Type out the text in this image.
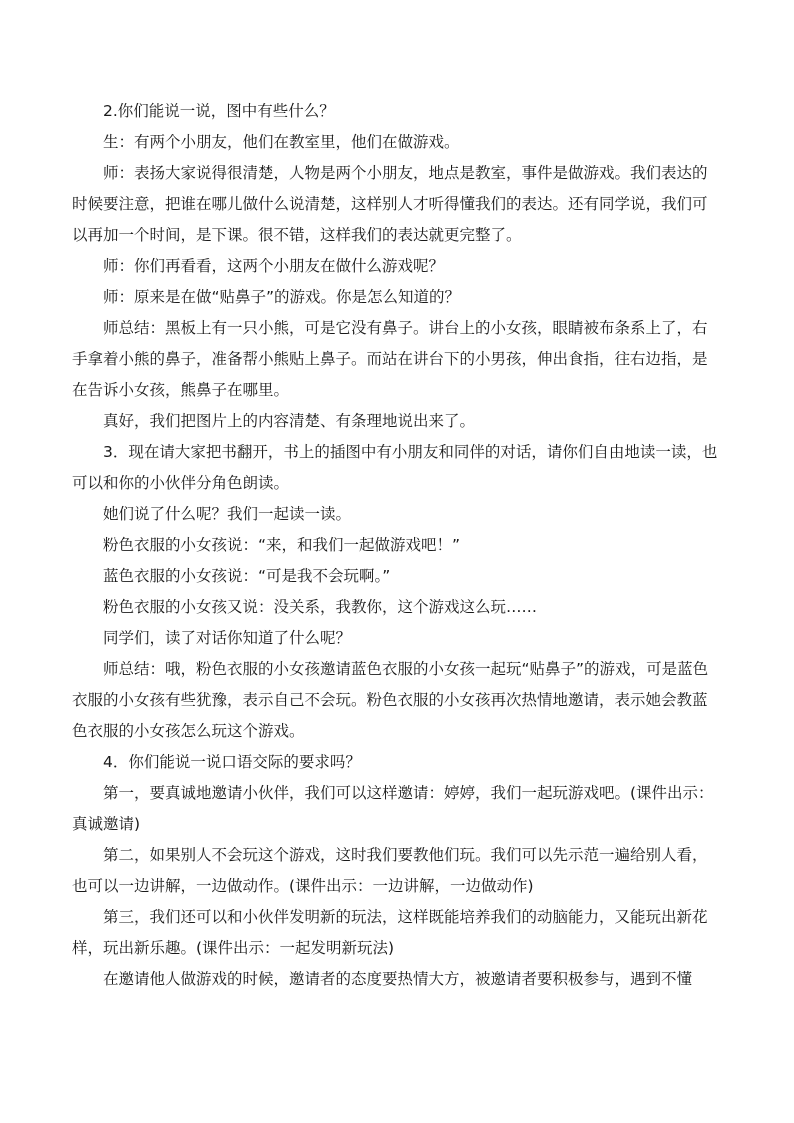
2.你们能说一说，图中有些什么？

生：有两个小朋友，他们在教室里，他们在做游戏。

师：表扬大家说得很清楚，人物是两个小朋友，地点是教室，事件是做游戏。我们表达的时候要注意，把谁在哪儿做什么说清楚，这样别人才听得懂我们的表达。还有同学说，我们可以再加一个时间，是下课。很不错，这样我们的表达就更完整了。

师：你们再看看，这两个小朋友在做什么游戏呢？

师：原来是在做“贴鼻子”的游戏。你是怎么知道的？

师总结：黑板上有一只小熊，可是它没有鼻子。讲台上的小女孩，眼睛被布条系上了，右手拿着小熊的鼻子，准备帮小熊贴上鼻子。而站在讲台下的小男孩，伸出食指，往右边指，是在告诉小女孩，熊鼻子在哪里。

真好，我们把图片上的内容清楚、有条理地说出来了。

3．现在请大家把书翻开，书上的插图中有小朋友和同伴的对话，请你们自由地读一读，也可以和你的小伙伴分角色朗读。

她们说了什么呢？我们一起读一读。

粉色衣服的小女孩说：“来，和我们一起做游戏吧！”

蓝色衣服的小女孩说：“可是我不会玩啊。”

粉色衣服的小女孩又说：没关系，我教你，这个游戏这么玩……

同学们，读了对话你知道了什么呢？

师总结：哦，粉色衣服的小女孩邀请蓝色衣服的小女孩一起玩“贴鼻子”的游戏，可是蓝色衣服的小女孩有些犹豫，表示自己不会玩。粉色衣服的小女孩再次热情地邀请，表示她会教蓝色衣服的小女孩怎么玩这个游戏。

4．你们能说一说口语交际的要求吗？

第一，要真诚地邀请小伙伴，我们可以这样邀请：婷婷，我们一起玩游戏吧。(课件出示：真诚邀请)

第二，如果别人不会玩这个游戏，这时我们要教他们玩。我们可以先示范一遍给别人看，也可以一边讲解，一边做动作。(课件出示：一边讲解，一边做动作)

第三，我们还可以和小伙伴发明新的玩法，这样既能培养我们的动脑能力，又能玩出新花样，玩出新乐趣。(课件出示：一起发明新玩法)

在邀请他人做游戏的时候，邀请者的态度要热情大方，被邀请者要积极参与，遇到不懂
